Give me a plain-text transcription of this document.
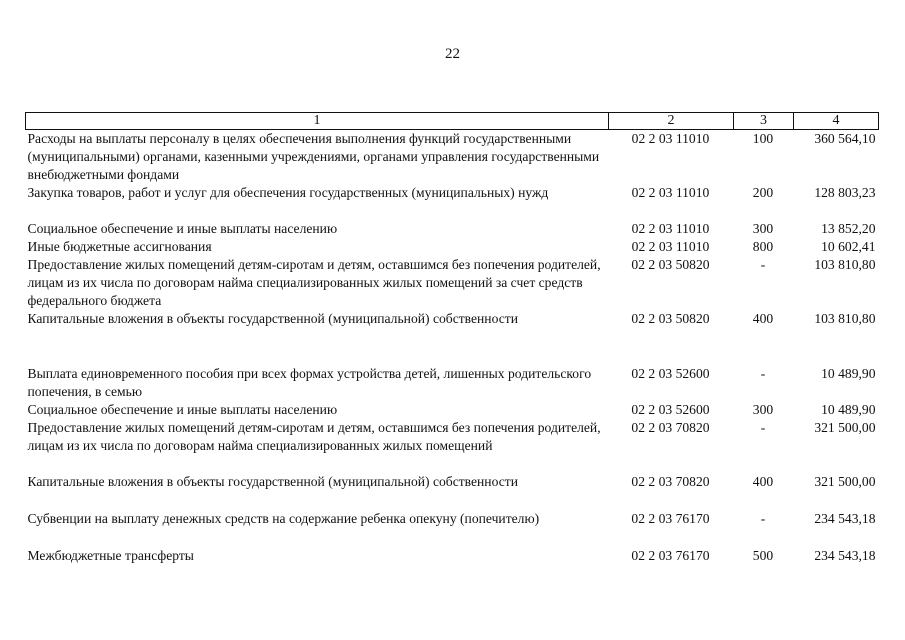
22
1	2	3	4
Расходы на выплаты персоналу в целях обеспечения выполнения функций государственными (муниципальными) органами, казенными учреждениями, органами управления государственными внебюджетными фондами	02 2 03 11010	100	360 564,10
Закупка товаров, работ и услуг для обеспечения государственных (муниципальных) нужд	02 2 03 11010	200	128 803,23
Социальное обеспечение и иные выплаты населению	02 2 03 11010	300	13 852,20
Иные бюджетные ассигнования	02 2 03 11010	800	10 602,41
Предоставление жилых помещений детям-сиротам и детям, оставшимся без попечения родителей, лицам из их числа по договорам найма специализированных жилых помещений за счет средств федерального бюджета	02 2 03 50820	-	103 810,80
Капитальные вложения в объекты государственной (муниципальной) собственности	02 2 03 50820	400	103 810,80
Выплата единовременного пособия при всех формах устройства детей, лишенных родительского попечения, в семью	02 2 03 52600	-	10 489,90
Социальное обеспечение и иные выплаты населению	02 2 03 52600	300	10 489,90
Предоставление жилых помещений детям-сиротам и детям, оставшимся без попечения родителей, лицам из их числа по договорам найма специализированных жилых помещений	02 2 03 70820	-	321 500,00
Капитальные вложения в объекты государственной (муниципальной) собственности	02 2 03 70820	400	321 500,00
Субвенции на выплату денежных средств на содержание ребенка опекуну (попечителю)	02 2 03 76170	-	234 543,18
Межбюджетные трансферты	02 2 03 76170	500	234 543,18
